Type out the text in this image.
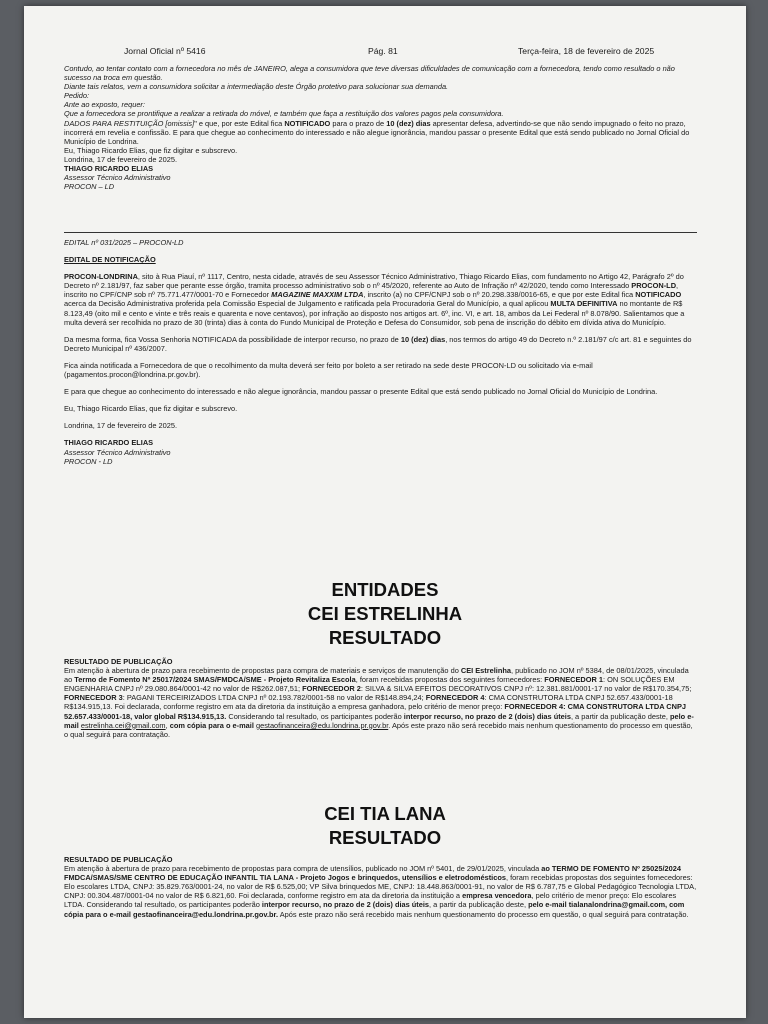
Jornal Oficial nº 5416	Pág. 81	Terça-feira, 18 de fevereiro de 2025

Contudo, ao tentar contato com a fornecedora no mês de JANEIRO, alega a consumidora que teve diversas dificuldades de comunicação com a fornecedora, tendo como resultado o não sucesso na troca em questão.

Diante tais relatos, vem a consumidora solicitar a intermediação deste Órgão protetivo para solucionar sua demanda.

Pedido:

Ante ao exposto, requer:

Que a fornecedora se prontifique a realizar a retirada do móvel, e também que faça a restituição dos valores pagos pela consumidora.

DADOS PARA RESTITUIÇÃO [omissis]" e que, por este Edital fica NOTIFICADO para o prazo de 10 (dez) dias apresentar defesa, advertindo-se que não sendo impugnado o feito no prazo, incorrerá em revelia e confissão. E para que chegue ao conhecimento do interessado e não alegue ignorância, mandou passar o presente Edital que está sendo publicado no Jornal Oficial do Município de Londrina.

Eu, Thiago Ricardo Elias, que fiz digitar e subscrevo.

Londrina, 17 de fevereiro de 2025.

THIAGO RICARDO ELIAS

Assessor Técnico Administrativo

PROCON – LD

EDITAL nº 031/2025 – PROCON-LD

EDITAL DE NOTIFICAÇÃO

PROCON-LONDRINA, sito à Rua Piauí, nº 1117, Centro, nesta cidade, através de seu Assessor Técnico Administrativo, Thiago Ricardo Elias, com fundamento no Artigo 42, Parágrafo 2º do Decreto nº 2.181/97, faz saber que perante esse órgão, tramita processo administrativo sob o nº 45/2020, referente ao Auto de Infração nº 42/2020, tendo como Interessado PROCON-LD, inscrito no CPF/CNP sob nº 75.771.477/0001-70 e Fornecedor MAGAZINE MAXXIM LTDA, inscrito (a) no CPF/CNPJ sob o nº 20.298.338/0016-65, e que por este Edital fica NOTIFICADO acerca da Decisão Administrativa proferida pela Comissão Especial de Julgamento e ratificada pela Procuradoria Geral do Município, a qual aplicou MULTA DEFINITIVA no montante de R$ 8.123,49 (oito mil e cento e vinte e três reais e quarenta e nove centavos), por infração ao disposto nos artigos art. 6º, inc. VI, e art. 18, ambos da Lei Federal nº 8.078/90. Salientamos que a multa deverá ser recolhida no prazo de 30 (trinta) dias à conta do Fundo Municipal de Proteção e Defesa do Consumidor, sob pena de inscrição do débito em dívida ativa do Município.

Da mesma forma, fica Vossa Senhoria NOTIFICADA da possibilidade de interpor recurso, no prazo de 10 (dez) dias, nos termos do artigo 49 do Decreto n.º 2.181/97 c/c art. 81 e seguintes do Decreto Municipal nº 436/2007.

Fica ainda notificada a Fornecedora de que o recolhimento da multa deverá ser feito por boleto a ser retirado na sede deste PROCON-LD ou solicitado via e-mail (pagamentos.procon@londrina.pr.gov.br).

E para que chegue ao conhecimento do interessado e não alegue ignorância, mandou passar o presente Edital que está sendo publicado no Jornal Oficial do Município de Londrina.

Eu, Thiago Ricardo Elias, que fiz digitar e subscrevo.

Londrina, 17 de fevereiro de 2025.

THIAGO RICARDO ELIAS

Assessor Técnico Administrativo

PROCON - LD

ENTIDADES
CEI ESTRELINHA
RESULTADO

RESULTADO DE PUBLICAÇÃO

Em atenção à abertura de prazo para recebimento de propostas para compra de materiais e serviços de manutenção do CEI Estrelinha, publicado no JOM nº 5384, de 08/01/2025, vinculada ao Termo de Fomento Nº 25017/2024 SMAS/FMDCA/SME - Projeto Revitaliza Escola, foram recebidas propostas dos seguintes fornecedores: FORNECEDOR 1: ON SOLUÇÕES EM ENGENHARIA CNPJ nº 29.080.864/0001-42 no valor de R$262.087,51; FORNECEDOR 2: SILVA & SILVA EFEITOS DECORATIVOS CNPJ nº: 12.381.881/0001-17 no valor de R$170.354,75; FORNECEDOR 3: PAGANI TERCEIRIZADOS LTDA CNPJ nº 02.193.782/0001-58 no valor de R$148.894,24; FORNECEDOR 4: CMA CONSTRUTORA LTDA CNPJ 52.657.433/0001-18 R$134.915,13. Foi declarada, conforme registro em ata da diretoria da instituição a empresa ganhadora, pelo critério de menor preço: FORNECEDOR 4: CMA CONSTRUTORA LTDA CNPJ 52.657.433/0001-18, valor global R$134.915,13. Considerando tal resultado, os participantes poderão interpor recurso, no prazo de 2 (dois) dias úteis, a partir da publicação deste, pelo e-mail estrelinha.cei@gmail.com, com cópia para o e-mail gestaofinanceira@edu.londrina.pr.gov.br. Após este prazo não será recebido mais nenhum questionamento do processo em questão, o qual seguirá para contratação.

CEI TIA LANA
RESULTADO

RESULTADO DE PUBLICAÇÃO

Em atenção à abertura de prazo para recebimento de propostas para compra de utensílios, publicado no JOM nº 5401, de 29/01/2025, vinculada ao TERMO DE FOMENTO Nº 25025/2024 FMDCA/SMAS/SME CENTRO DE EDUCAÇÃO INFANTIL TIA LANA - Projeto Jogos e brinquedos, utensílios e eletrodomésticos, foram recebidas propostas dos seguintes fornecedores: Elo escolares LTDA, CNPJ: 35.829.763/0001-24, no valor de R$ 6.525,00; VP Silva brinquedos ME, CNPJ: 18.448.863/0001-91, no valor de R$ 6.787,75 e Global Pedagógico Tecnologia LTDA, CNPJ: 00.304.487/0001-04 no valor de R$ 6.821,60. Foi declarada, conforme registro em ata da diretoria da instituição a empresa vencedora, pelo critério de menor preço: Elo escolares LTDA. Considerando tal resultado, os participantes poderão interpor recurso, no prazo de 2 (dois) dias úteis, a partir da publicação deste, pelo e-mail tialanalondrina@gmail.com, com cópia para o e-mail gestaofinanceira@edu.londrina.pr.gov.br. Após este prazo não será recebido mais nenhum questionamento do processo em questão, o qual seguirá para contratação.
